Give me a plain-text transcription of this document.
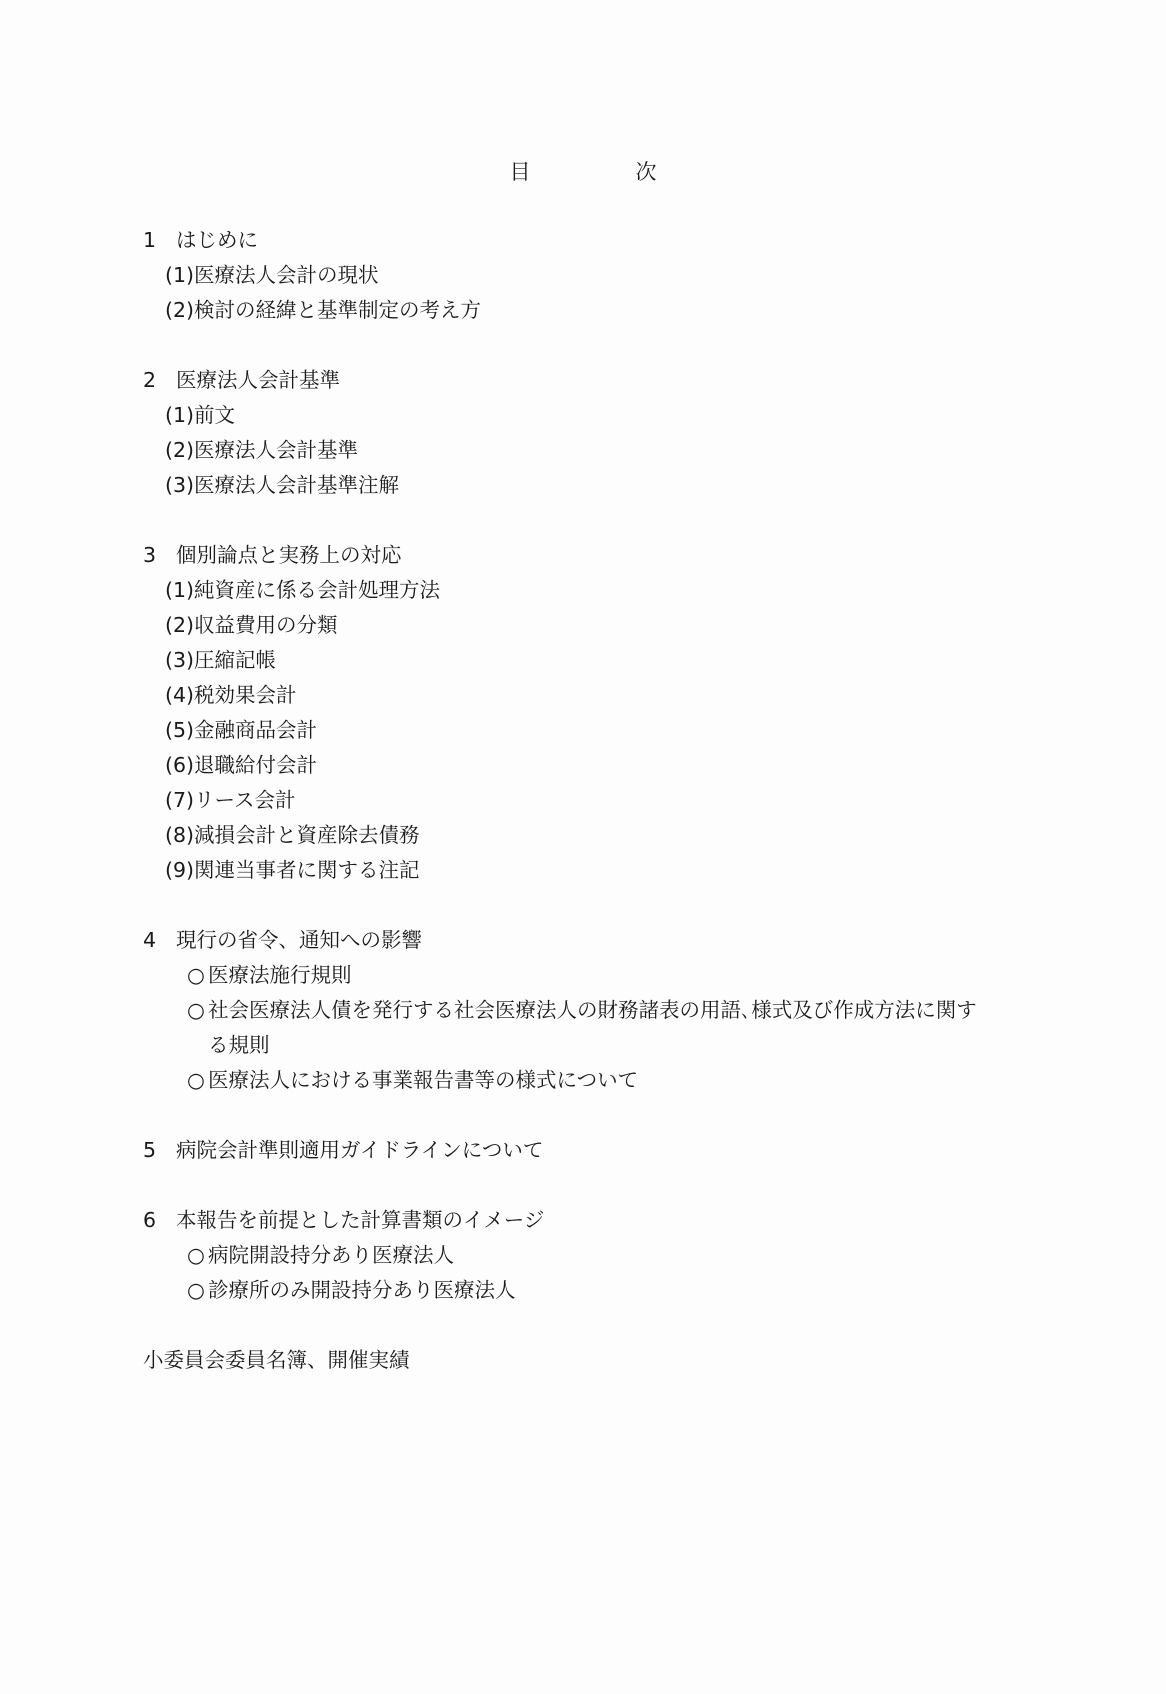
目　次
1 はじめに
(1)医療法人会計の現状
(2)検討の経緯と基準制定の考え方
2 医療法人会計基準
(1)前文
(2)医療法人会計基準
(3)医療法人会計基準注解
3 個別論点と実務上の対応
(1)純資産に係る会計処理方法
(2)収益費用の分類
(3)圧縮記帳
(4)税効果会計
(5)金融商品会計
(6)退職給付会計
(7)リース会計
(8)減損会計と資産除去債務
(9)関連当事者に関する注記
4 現行の省令、通知への影響
○ 医療法施行規則
○ 社会医療法人債を発行する社会医療法人の財務諸表の用語､様式及び作成方法に関す
る規則
○ 医療法人における事業報告書等の様式について
5 病院会計準則適用ガイドラインについて
6 本報告を前提とした計算書類のイメージ
○ 病院開設持分あり医療法人
○ 診療所のみ開設持分あり医療法人
小委員会委員名簿、開催実績
